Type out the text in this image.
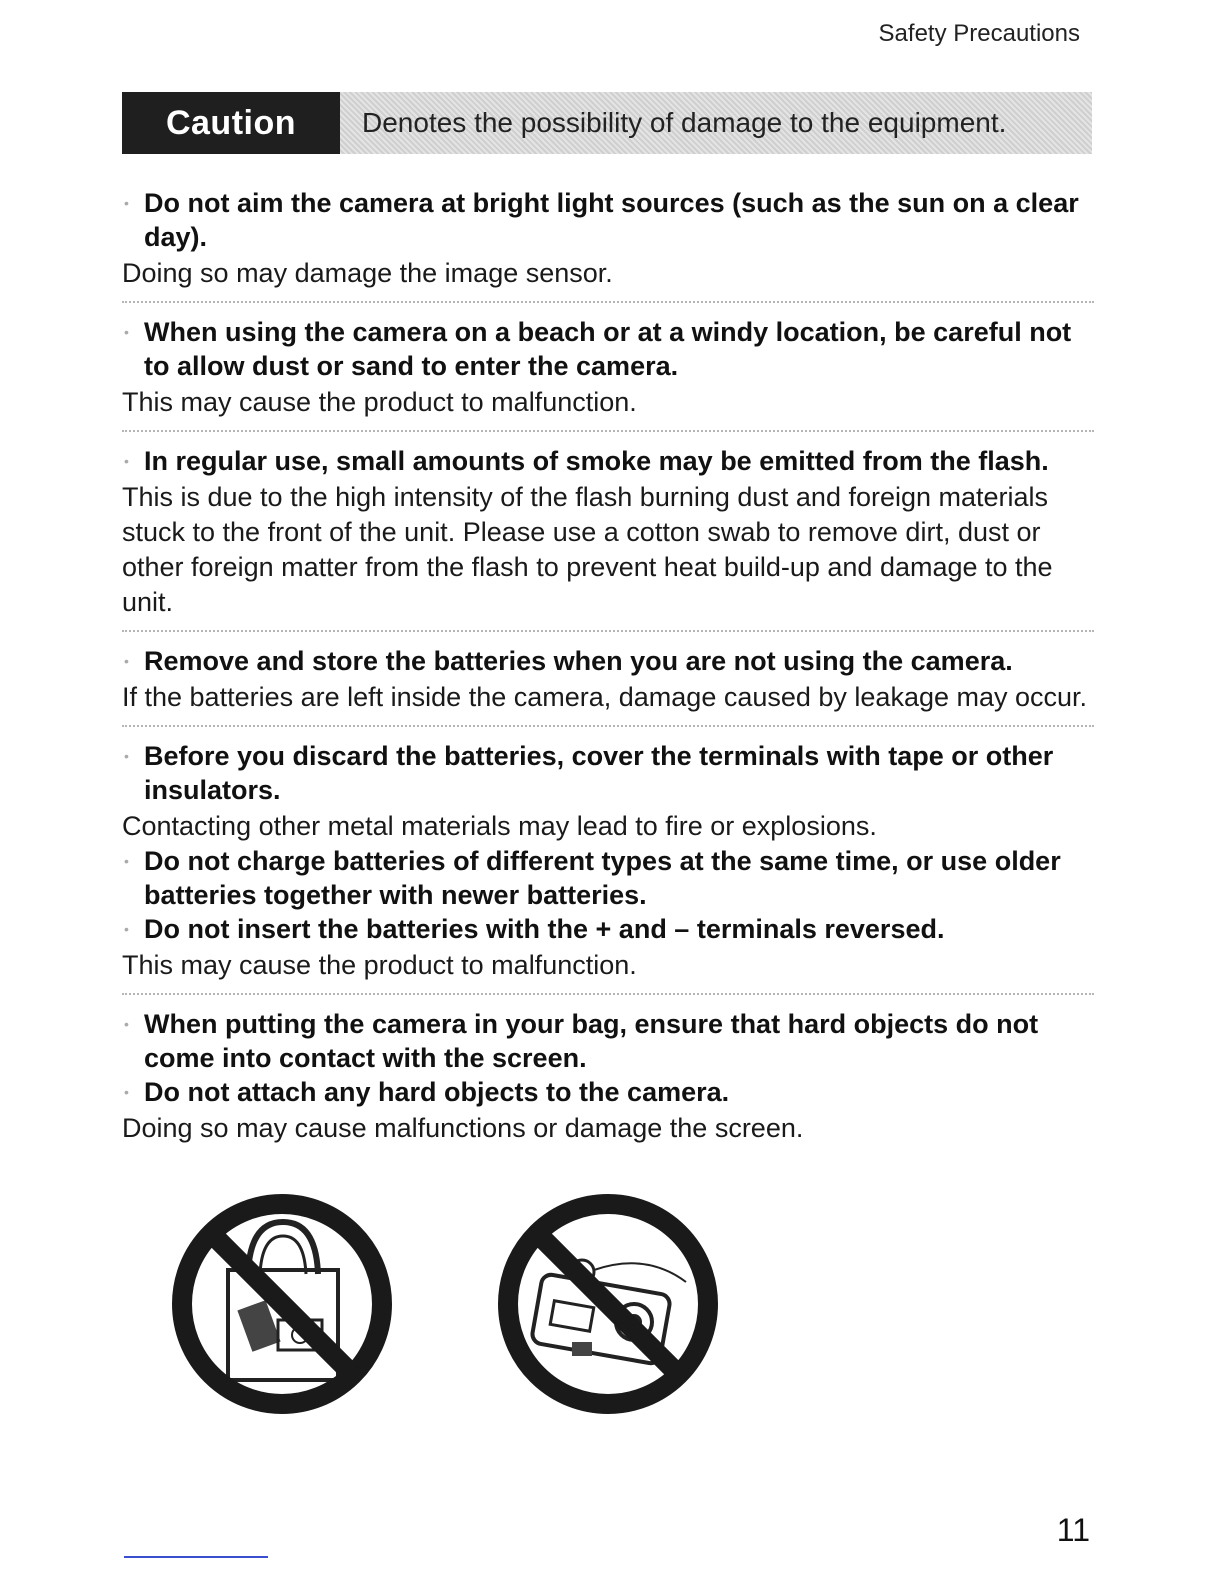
Safety Precautions
Caution	Denotes the possibility of damage to the equipment.
• Do not aim the camera at bright light sources (such as the sun on a clear day).
Doing so may damage the image sensor.
• When using the camera on a beach or at a windy location, be careful not to allow dust or sand to enter the camera.
This may cause the product to malfunction.
• In regular use, small amounts of smoke may be emitted from the flash.
This is due to the high intensity of the flash burning dust and foreign materials stuck to the front of the unit. Please use a cotton swab to remove dirt, dust or other foreign matter from the flash to prevent heat build-up and damage to the unit.
• Remove and store the batteries when you are not using the camera.
If the batteries are left inside the camera, damage caused by leakage may occur.
• Before you discard the batteries, cover the terminals with tape or other insulators.
Contacting other metal materials may lead to fire or explosions.
• Do not charge batteries of different types at the same time, or use older batteries together with newer batteries.
• Do not insert the batteries with the + and – terminals reversed.
This may cause the product to malfunction.
• When putting the camera in your bag, ensure that hard objects do not come into contact with the screen.
• Do not attach any hard objects to the camera.
Doing so may cause malfunctions or damage the screen.
11
